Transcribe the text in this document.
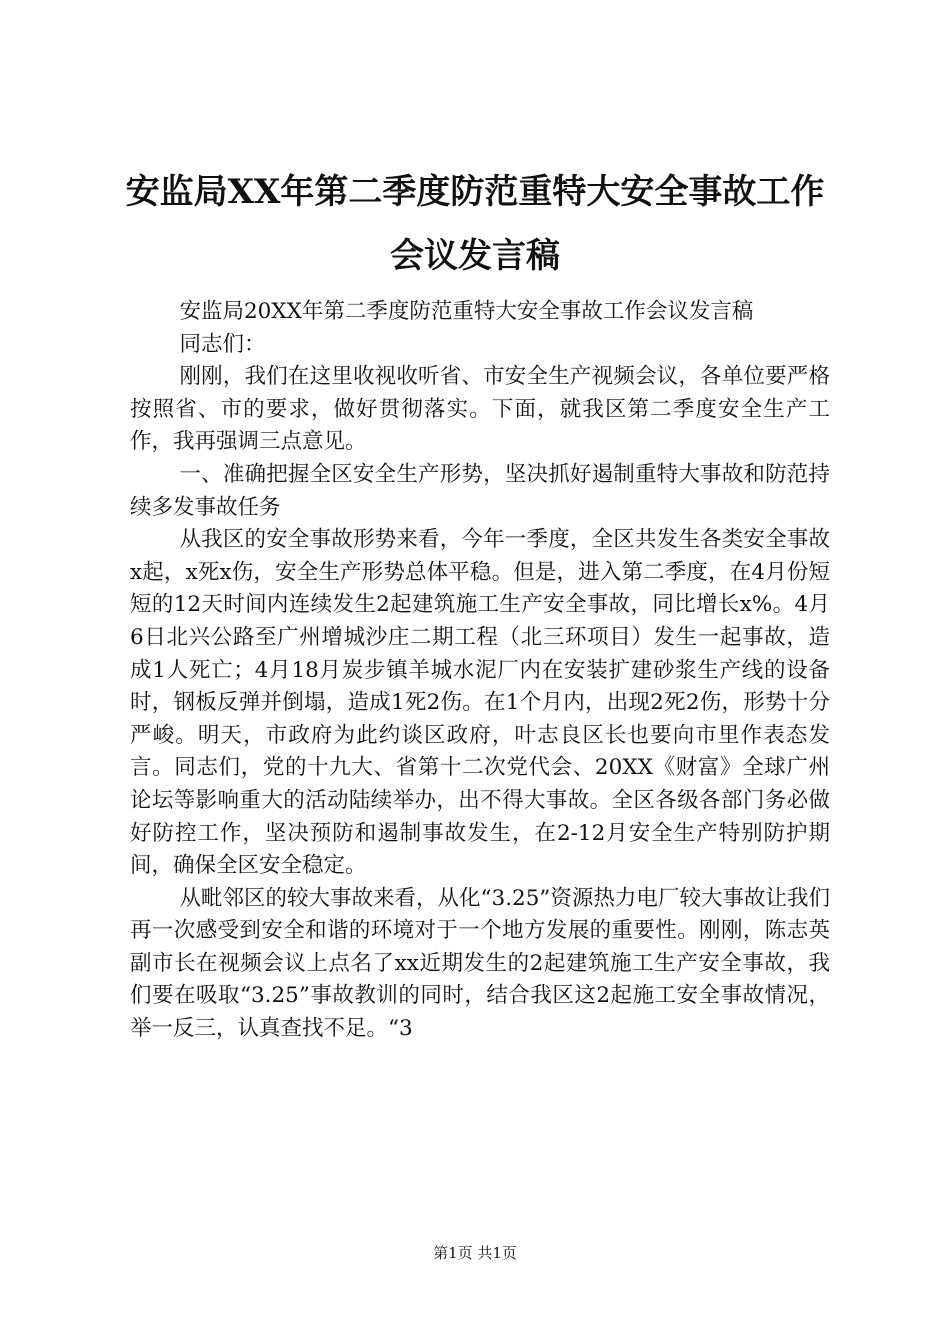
安监局XX年第二季度防范重特大安全事故工作会议发言稿

安监局20XX年第二季度防范重特大安全事故工作会议发言稿

同志们：

刚刚，我们在这里收视收听省、市安全生产视频会议，各单位要严格按照省、市的要求，做好贯彻落实。下面，就我区第二季度安全生产工作，我再强调三点意见。

一、准确把握全区安全生产形势，坚决抓好遏制重特大事故和防范持续多发事故任务

从我区的安全事故形势来看，今年一季度，全区共发生各类安全事故x起，x死x伤，安全生产形势总体平稳。但是，进入第二季度，在4月份短短的12天时间内连续发生2起建筑施工生产安全事故，同比增长x%。4月6日北兴公路至广州增城沙庄二期工程（北三环项目）发生一起事故，造成1人死亡；4月18月炭步镇羊城水泥厂内在安装扩建砂浆生产线的设备时，钢板反弹并倒塌，造成1死2伤。在1个月内，出现2死2伤，形势十分严峻。明天，市政府为此约谈区政府，叶志良区长也要向市里作表态发言。同志们，党的十九大、省第十二次党代会、20XX《财富》全球广州论坛等影响重大的活动陆续举办，出不得大事故。全区各级各部门务必做好防控工作，坚决预防和遏制事故发生，在2-12月安全生产特别防护期间，确保全区安全稳定。

从毗邻区的较大事故来看，从化“3.25”资源热力电厂较大事故让我们再一次感受到安全和谐的环境对于一个地方发展的重要性。刚刚，陈志英副市长在视频会议上点名了xx近期发生的2起建筑施工生产安全事故，我们要在吸取“3.25”事故教训的同时，结合我区这2起施工安全事故情况，举一反三，认真查找不足。“3

第1页 共1页
